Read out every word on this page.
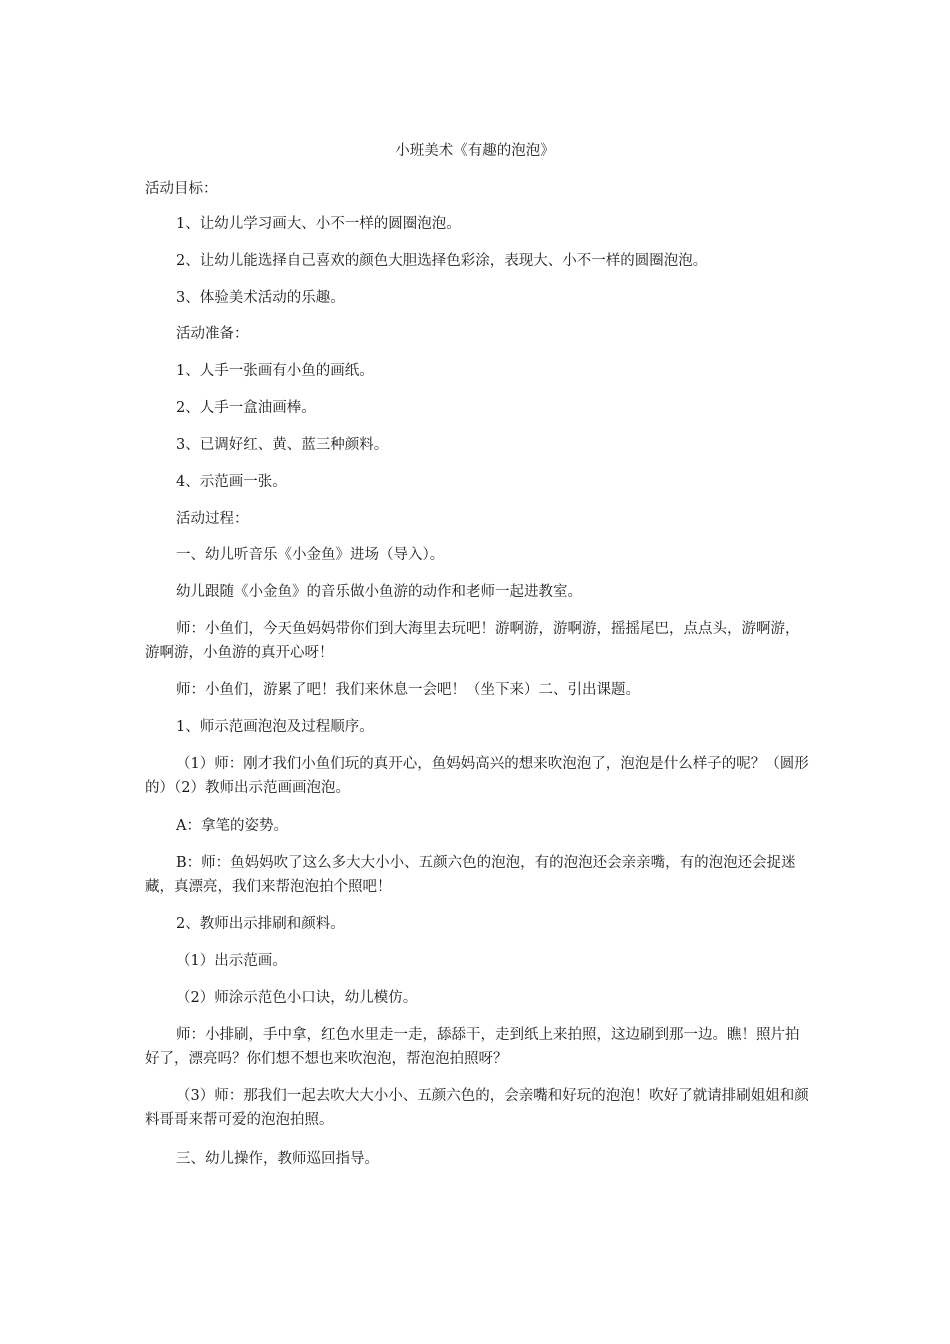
小班美术《有趣的泡泡》
活动目标：
1、让幼儿学习画大、小不一样的圆圈泡泡。
2、让幼儿能选择自己喜欢的颜色大胆选择色彩涂，表现大、小不一样的圆圈泡泡。
3、体验美术活动的乐趣。
活动准备：
1、人手一张画有小鱼的画纸。
2、人手一盒油画棒。
3、已调好红、黄、蓝三种颜料。
4、示范画一张。
活动过程：
一、幼儿听音乐《小金鱼》进场（导入）。
幼儿跟随《小金鱼》的音乐做小鱼游的动作和老师一起进教室。
师：小鱼们，今天鱼妈妈带你们到大海里去玩吧！游啊游，游啊游，摇摇尾巴，点点头，游啊游，游啊游，小鱼游的真开心呀！
师：小鱼们，游累了吧！我们来休息一会吧！（坐下来）二、引出课题。
1、师示范画泡泡及过程顺序。
（1）师：刚才我们小鱼们玩的真开心，鱼妈妈高兴的想来吹泡泡了，泡泡是什么样子的呢？（圆形的）（2）教师出示范画画泡泡。
A：拿笔的姿势。
B：师：鱼妈妈吹了这么多大大小小、五颜六色的泡泡，有的泡泡还会亲亲嘴，有的泡泡还会捉迷藏，真漂亮，我们来帮泡泡拍个照吧！
2、教师出示排刷和颜料。
（1）出示范画。
（2）师涂示范色小口诀，幼儿模仿。
师：小排刷，手中拿，红色水里走一走，舔舔干，走到纸上来拍照，这边刷到那一边。瞧！照片拍好了，漂亮吗？你们想不想也来吹泡泡，帮泡泡拍照呀？
（3）师：那我们一起去吹大大小小、五颜六色的，会亲嘴和好玩的泡泡！吹好了就请排刷姐姐和颜料哥哥来帮可爱的泡泡拍照。
三、幼儿操作，教师巡回指导。
